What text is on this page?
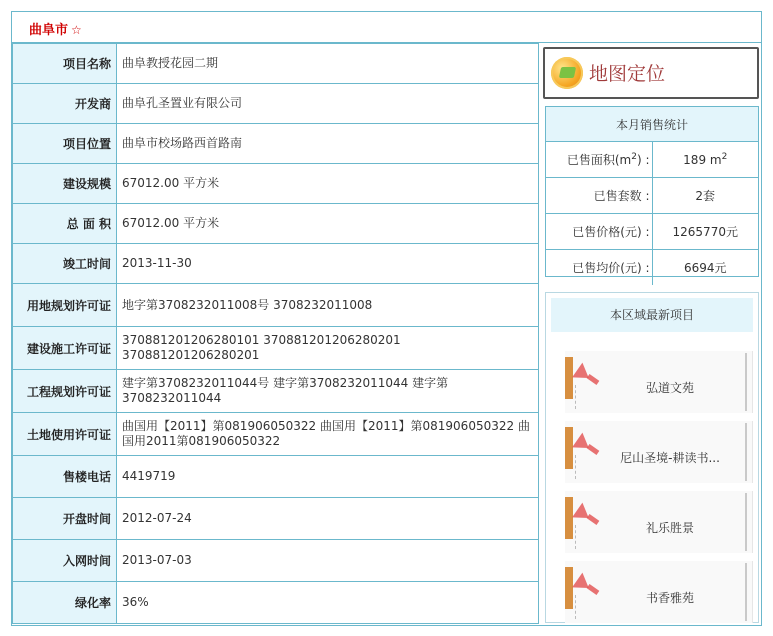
曲阜市 ☆
项目名称	曲阜教授花园二期
开发商	曲阜孔圣置业有限公司
项目位置	曲阜市校场路西首路南
建设规模	67012.00 平方米
总 面 积	67012.00 平方米
竣工时间	2013-11-30
用地规划许可证	地字第3708232011008号 3708232011008
建设施工许可证	370881201206280101 370881201206280201 370881201206280201
工程规划许可证	建字第3708232011044号 建字第3708232011044 建字第3708232011044
土地使用许可证	曲国用【2011】第081906050322 曲国用【2011】第081906050322 曲国用2011第081906050322
售楼电话	4419719
开盘时间	2012-07-24
入网时间	2013-07-03
绿化率	36%
地图定位
本月销售统计	
已售面积$(m^2)$ :	189 $m^2$
已售套数 :	2套
已售价格(元) :	1265770元
已售均价(元) :	6694元
本区域最新项目
弘道文苑
尼山圣境-耕读书...
礼乐胜景
书香雅苑
